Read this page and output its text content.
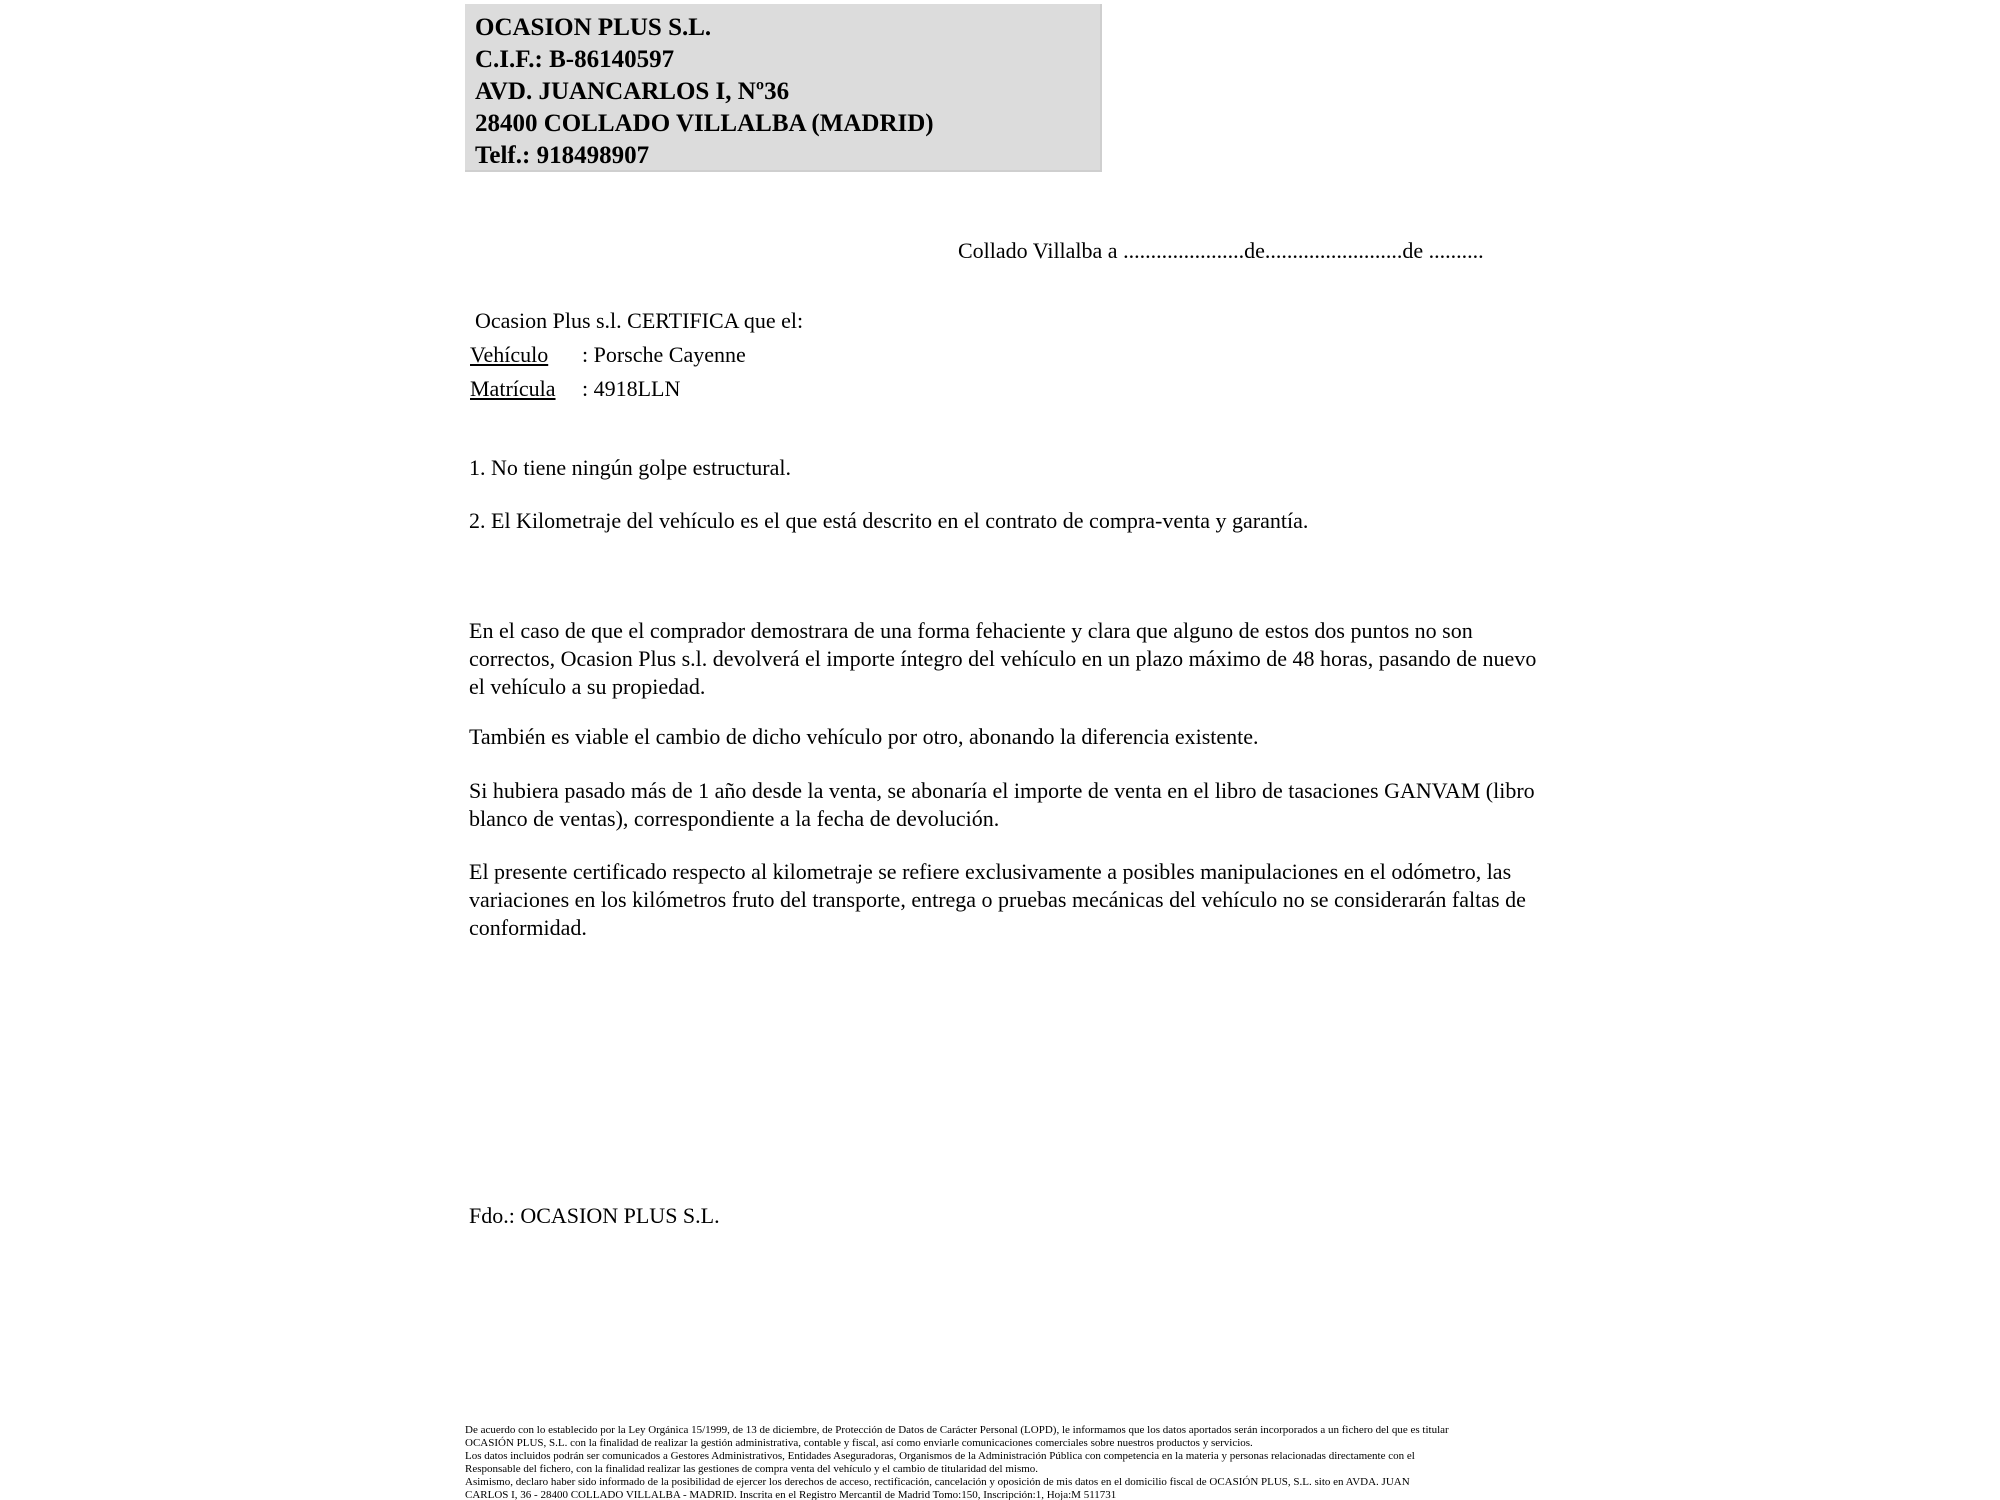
OCASION PLUS S.L.
C.I.F.: B-86140597
AVD. JUANCARLOS I, Nº36
28400 COLLADO VILLALBA (MADRID)
Telf.: 918498907
Collado Villalba a ......................de.........................de ..........
Ocasion Plus s.l. CERTIFICA que el:
Vehículo : Porsche Cayenne
Matrícula : 4918LLN
1. No tiene ningún golpe estructural.
2. El Kilometraje del vehículo es el que está descrito en el contrato de compra-venta y garantía.

En el caso de que el comprador demostrara de una forma fehaciente y clara que alguno de estos dos puntos no son correctos, Ocasion Plus s.l. devolverá el importe íntegro del vehículo en un plazo máximo de 48 horas, pasando de nuevo el vehículo a su propiedad.

También es viable el cambio de dicho vehículo por otro, abonando la diferencia existente.

Si hubiera pasado más de 1 año desde la venta, se abonaría el importe de venta en el libro de tasaciones GANVAM (libro blanco de ventas), correspondiente a la fecha de devolución.

El presente certificado respecto al kilometraje se refiere exclusivamente a posibles manipulaciones en el odómetro, las variaciones en los kilómetros fruto del transporte, entrega o pruebas mecánicas del vehículo no se considerarán faltas de conformidad.

Fdo.: OCASION PLUS S.L.
De acuerdo con lo establecido por la Ley Orgánica 15/1999, de 13 de diciembre, de Protección de Datos de Carácter Personal (LOPD), le informamos que los datos aportados serán incorporados a un fichero del que es titular
OCASIÓN PLUS, S.L. con la finalidad de realizar la gestión administrativa, contable y fiscal, así como enviarle comunicaciones comerciales sobre nuestros productos y servicios.
Los datos incluidos podrán ser comunicados a Gestores Administrativos, Entidades Aseguradoras, Organismos de la Administración Pública con competencia en la materia y personas relacionadas directamente con el
Responsable del fichero, con la finalidad realizar las gestiones de compra venta del vehículo y el cambio de titularidad del mismo.
Asimismo, declaro haber sido informado de la posibilidad de ejercer los derechos de acceso, rectificación, cancelación y oposición de mis datos en el domicilio fiscal de OCASIÓN PLUS, S.L. sito en AVDA. JUAN
CARLOS I, 36 - 28400 COLLADO VILLALBA - MADRID. Inscrita en el Registro Mercantil de Madrid Tomo:150, Inscripción:1, Hoja:M 511731
